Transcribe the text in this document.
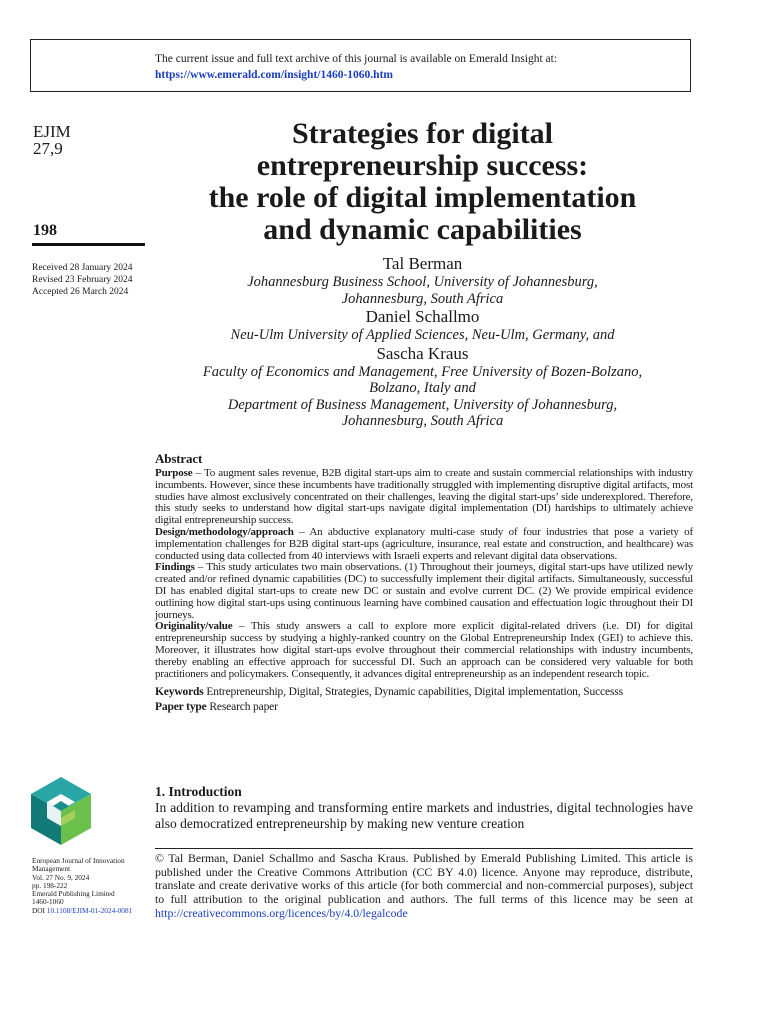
The current issue and full text archive of this journal is available on Emerald Insight at:
https://www.emerald.com/insight/1460-1060.htm
EJIM
27,9
198
Received 28 January 2024
Revised 23 February 2024
Accepted 26 March 2024
Strategies for digital
entrepreneurship success:
the role of digital implementation
and dynamic capabilities
Tal Berman
Johannesburg Business School, University of Johannesburg,
Johannesburg, South Africa
Daniel Schallmo
Neu-Ulm University of Applied Sciences, Neu-Ulm, Germany, and
Sascha Kraus
Faculty of Economics and Management, Free University of Bozen-Bolzano,
Bolzano, Italy and
Department of Business Management, University of Johannesburg,
Johannesburg, South Africa
Abstract

Purpose – To augment sales revenue, B2B digital start-ups aim to create and sustain commercial relationships with industry incumbents. However, since these incumbents have traditionally struggled with implementing disruptive digital artifacts, most studies have almost exclusively concentrated on their challenges, leaving the digital start-ups’ side underexplored. Therefore, this study seeks to understand how digital start-ups navigate digital implementation (DI) hardships to ultimately achieve digital entrepreneurship success.

Design/methodology/approach – An abductive explanatory multi-case study of four industries that pose a variety of implementation challenges for B2B digital start-ups (agriculture, insurance, real estate and construction, and healthcare) was conducted using data collected from 40 interviews with Israeli experts and relevant digital data observations.

Findings – This study articulates two main observations. (1) Throughout their journeys, digital start-ups have utilized newly created and/or refined dynamic capabilities (DC) to successfully implement their digital artifacts. Simultaneously, successful DI has enabled digital start-ups to create new DC or sustain and evolve current DC. (2) We provide empirical evidence outlining how digital start-ups using continuous learning have combined causation and effectuation logic throughout their DI journeys.

Originality/value – This study answers a call to explore more explicit digital-related drivers (i.e. DI) for digital entrepreneurship success by studying a highly-ranked country on the Global Entrepreneurship Index (GEI) to achieve this. Moreover, it illustrates how digital start-ups evolve throughout their commercial relationships with industry incumbents, thereby enabling an effective approach for successful DI. Such an approach can be considered very valuable for both practitioners and policymakers. Consequently, it advances digital entrepreneurship as an independent research topic.

Keywords Entrepreneurship, Digital, Strategies, Dynamic capabilities, Digital implementation, Successs

Paper type Research paper

1. Introduction
In addition to revamping and transforming entire markets and industries, digital technologies have also democratized entrepreneurship by making new venture creation
© Tal Berman, Daniel Schallmo and Sascha Kraus. Published by Emerald Publishing Limited. This article is published under the Creative Commons Attribution (CC BY 4.0) licence. Anyone may reproduce, distribute, translate and create derivative works of this article (for both commercial and non-commercial purposes), subject to full attribution to the original publication and authors. The full terms of this licence may be seen at http://creativecommons.org/licences/by/4.0/legalcode
European Journal of Innovation Management
Vol. 27 No. 9, 2024
pp. 198-222
Emerald Publishing Limited
1460-1060
DOI 10.1108/EJIM-01-2024-0081
